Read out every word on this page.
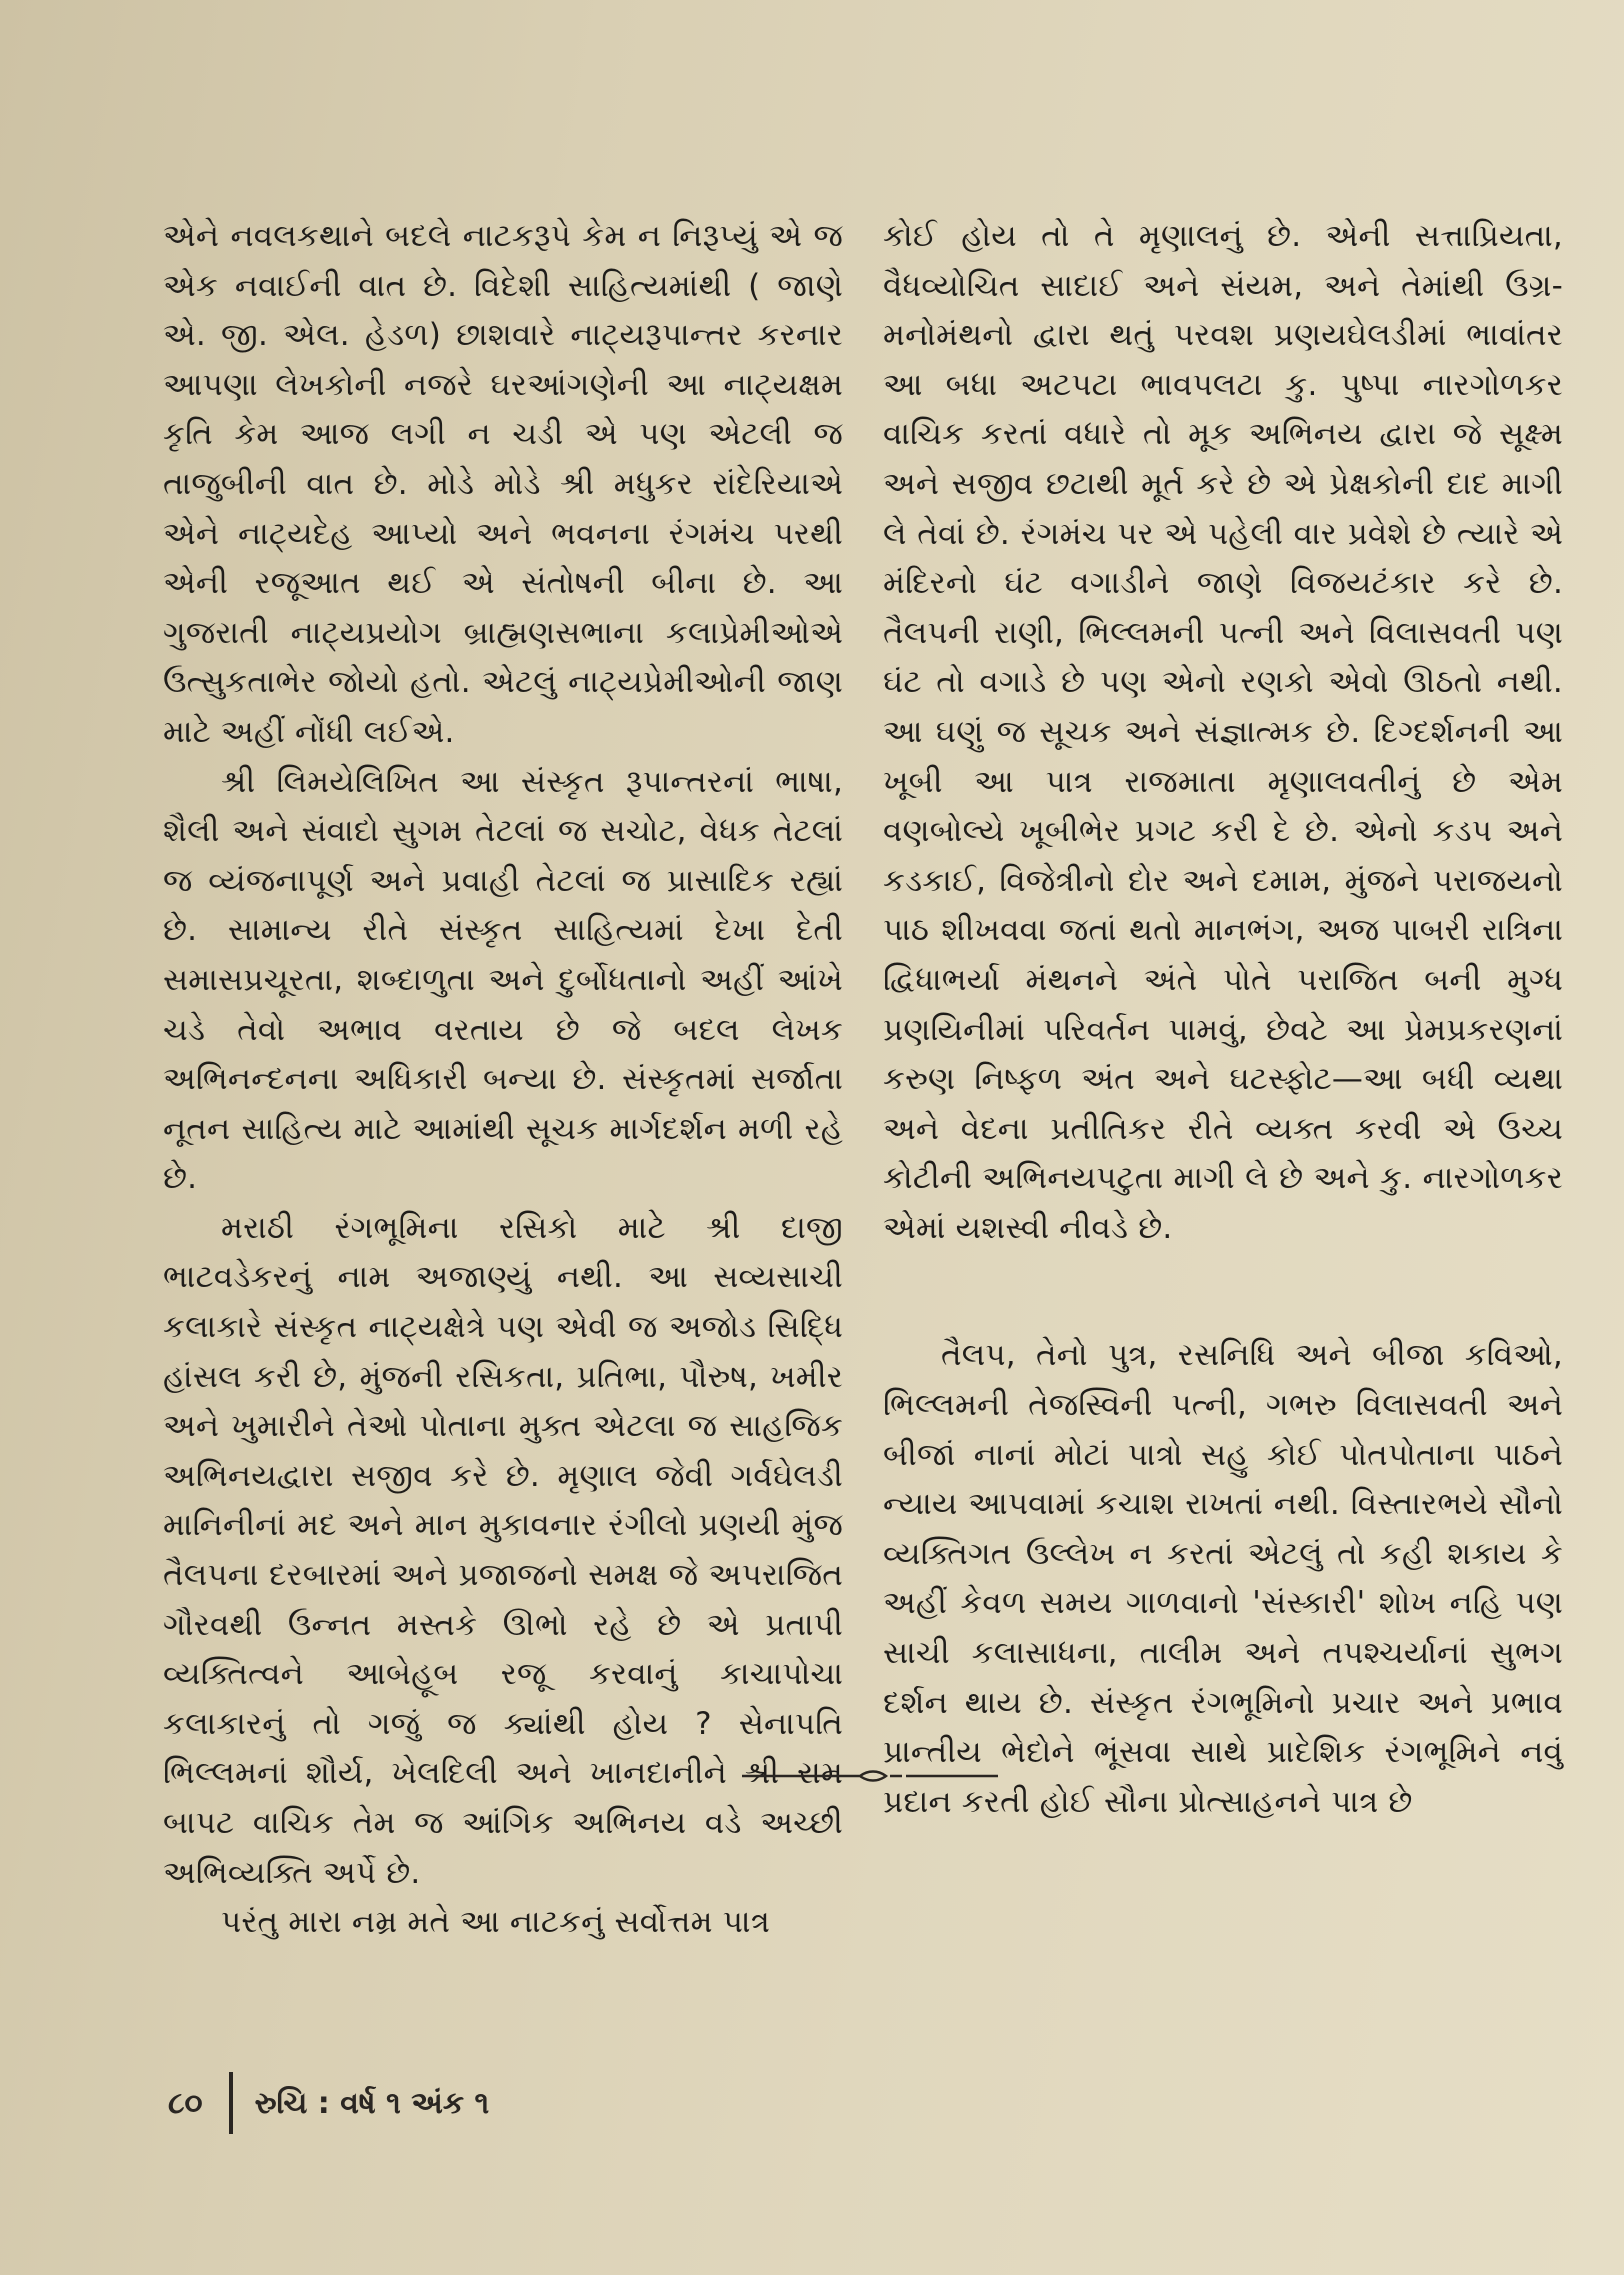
એને નવલકથાને બદલે નાટકરૂપે કેમ ન નિરૂપ્યું એ જ એક નવાઈની વાત છે. વિદેશી સાહિત્યમાંથી ( જાણે એ. જી. એલ. હેડળ) છાશવારે નાટ્યરૂપાન્તર કરનાર આપણા લેખકોની નજરે ઘરઆંગણેની આ નાટ્યક્ષમ કૃતિ કેમ આજ લગી ન ચડી એ પણ એટલી જ તાજુબીની વાત છે. મોડે મોડે શ્રી મધુકર રાંદેરિયાએ એને નાટ્યદેહ આપ્યો અને ભવનના રંગમંચ પરથી એની રજૂઆત થઈ એ સંતોષની બીના છે. આ ગુજરાતી નાટ્યપ્રયોગ બ્રાહ્મણસભાના કલાપ્રેમીઓએ ઉત્સુકતાભેર જોયો હતો. એટલું નાટ્યપ્રેમીઓની જાણ માટે અહીં નોંધી લઈએ.

શ્રી લિમયેલિખિત આ સંસ્કૃત રૂપાન્તરનાં ભાષા, શૈલી અને સંવાદો સુગમ તેટલાં જ સચોટ, વેધક તેટલાં જ વ્યંજનાપૂર્ણ અને પ્રવાહી તેટલાં જ પ્રાસાદિક રહ્યાં છે. સામાન્ય રીતે સંસ્કૃત સાહિત્યમાં દેખા દેતી સમાસપ્રચૂરતા, શબ્દાળુતા અને દુર્બોધતાનો અહીં આંખે ચડે તેવો અભાવ વરતાય છે જે બદલ લેખક અભિનન્દનના અધિકારી બન્યા છે. સંસ્કૃતમાં સર્જાતા નૂતન સાહિત્ય માટે આમાંથી સૂચક માર્ગદર્શન મળી રહે છે.

મરાઠી રંગભૂમિના રસિકો માટે શ્રી દાજી ભાટવડેકરનું નામ અજાણ્યું નથી. આ સવ્યસાચી કલાકારે સંસ્કૃત નાટ્યક્ષેત્રે પણ એવી જ અજોડ સિદ્ધિ હાંસલ કરી છે, મુંજની રસિકતા, પ્રતિભા, પૌરુષ, ખમીર અને ખુમારીને તેઓ પોતાના મુક્ત એટલા જ સાહજિક અભિનયદ્વારા સજીવ કરે છે. મૃણાલ જેવી ગર્વઘેલડી માનિનીનાં મદ અને માન મુકાવનાર રંગીલો પ્રણયી મુંજ તૈલપના દરબારમાં અને પ્રજાજનો સમક્ષ જે અપરાજિત ગૌરવથી ઉન્નત મસ્તકે ઊભો રહે છે એ પ્રતાપી વ્યક્તિત્વને આબેહૂબ રજૂ કરવાનું કાચાપોચા કલાકારનું તો ગજું જ ક્યાંથી હોય ? સેનાપતિ ભિલ્લમનાં શૌર્ય, ખેલદિલી અને ખાનદાનીને શ્રી રામ બાપટ વાચિક તેમ જ આંગિક અભિનય વડે અચ્છી અભિવ્યક્તિ અર્પે છે.

પરંતુ મારા નમ્ર મતે આ નાટકનું સર્વોત્તમ પાત્ર

કોઈ હોય તો તે મૃણાલનું છે. એની સત્તાપ્રિયતા, વૈધવ્યોચિત સાદાઈ અને સંયમ, અને તેમાંથી ઉગ્ર-મનોમંથનો દ્વારા થતું પરવશ પ્રણયઘેલડીમાં ભાવાંતર આ બધા અટપટા ભાવપલટા કુ. પુષ્પા નારગોળકર વાચિક કરતાં વધારે તો મૂક અભિનય દ્વારા જે સૂક્ષ્મ અને સજીવ છટાથી મૂર્ત કરે છે એ પ્રેક્ષકોની દાદ માગી લે તેવાં છે. રંગમંચ પર એ પહેલી વાર પ્રવેશે છે ત્યારે એ મંદિરનો ઘંટ વગાડીને જાણે વિજયટંકાર કરે છે. તૈલપની રાણી, ભિલ્લમની પત્ની અને વિલાસવતી પણ ઘંટ તો વગાડે છે પણ એનો રણકો એવો ઊઠતો નથી. આ ઘણું જ સૂચક અને સંજ્ઞાત્મક છે. દિગ્દર્શનની આ ખૂબી આ પાત્ર રાજમાતા મૃણાલવતીનું છે એમ વણબોલ્યે ખૂબીભેર પ્રગટ કરી દે છે. એનો કડપ અને કડકાઈ, વિજેત્રીનો દોર અને દમામ, મુંજને પરાજયનો પાઠ શીખવવા જતાં થતો માનભંગ, અજ પાબરી રાત્રિના દ્વિધાભર્યા મંથનને અંતે પોતે પરાજિત બની મુગ્ધ પ્રણયિનીમાં પરિવર્તન પામવું, છેવટે આ પ્રેમપ્રકરણનાં કરુણ નિષ્ફળ અંત અને ઘટસ્ફોટ—આ બધી વ્યથા અને વેદના પ્રતીતિકર રીતે વ્યક્ત કરવી એ ઉચ્ચ કોટીની અભિનયપટુતા માગી લે છે અને કુ. નારગોળકર એમાં યશસ્વી નીવડે છે.

તૈલપ, તેનો પુત્ર, રસનિધિ અને બીજા કવિઓ, ભિલ્લમની તેજસ્વિની પત્ની, ગભરુ વિલાસવતી અને બીજાં નાનાં મોટાં પાત્રો સહુ કોઈ પોતપોતાના પાઠને ન્યાય આપવામાં કચાશ રાખતાં નથી. વિસ્તારભયે સૌનો વ્યક્તિગત ઉલ્લેખ ન કરતાં એટલું તો કહી શકાય કે અહીં કેવળ સમય ગાળવાનો 'સંસ્કારી' શોખ નહિ પણ સાચી કલાસાધના, તાલીમ અને તપશ્ચર્યાનાં સુભગ દર્શન થાય છે. સંસ્કૃત રંગભૂમિનો પ્રચાર અને પ્રભાવ પ્રાન્તીય ભેદોને ભૂંસવા સાથે પ્રાદેશિક રંગભૂમિને નવું પ્રદાન કરતી હોઈ સૌના પ્રોત્સાહનને પાત્ર છે

૮૦ રુચિ : વર્ષ ૧ અંક ૧
